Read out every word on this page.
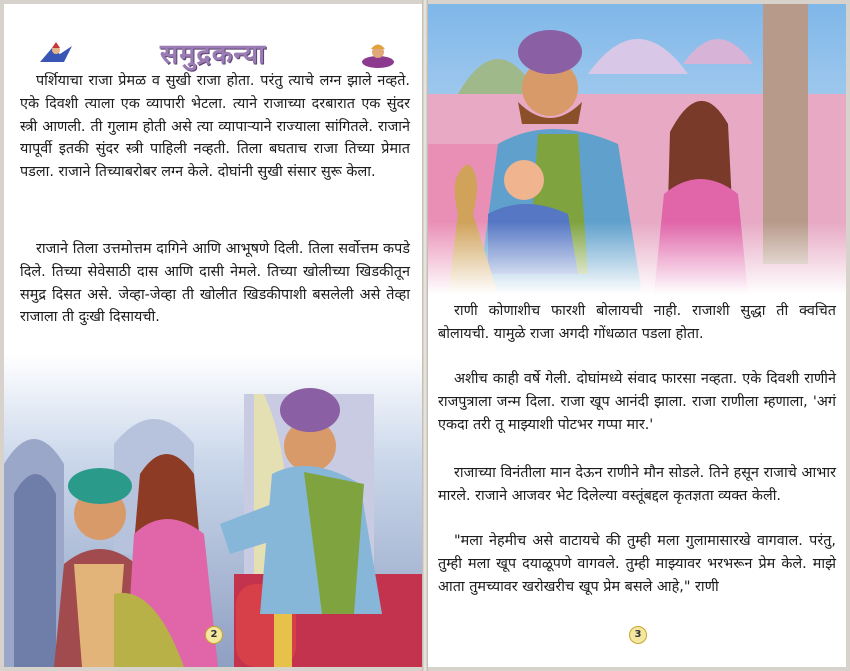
समुद्रकन्या

पर्शियाचा राजा प्रेमळ व सुखी राजा होता. परंतु त्याचे लग्न झाले नव्हते. एके दिवशी त्याला एक व्यापारी भेटला. त्याने राजाच्या दरबारात एक सुंदर स्त्री आणली. ती गुलाम होती असे त्या व्यापाऱ्याने राज्याला सांगितले. राजाने यापूर्वी इतकी सुंदर स्त्री पाहिली नव्हती. तिला बघताच राजा तिच्या प्रेमात पडला. राजाने तिच्याबरोबर लग्न केले. दोघांनी सुखी संसार सुरू केला.

राजाने तिला उत्तमोत्तम दागिने आणि आभूषणे दिली. तिला सर्वोत्तम कपडे दिले. तिच्या सेवेसाठी दास आणि दासी नेमले. तिच्या खोलीच्या खिडकीतून समुद्र दिसत असे. जेव्हा-जेव्हा ती खोलीत खिडकीपाशी बसलेली असे तेव्हा राजाला ती दुःखी दिसायची.

2

राणी कोणाशीच फारशी बोलायची नाही. राजाशी सुद्धा ती क्वचित बोलायची. यामुळे राजा अगदी गोंधळात पडला होता.

अशीच काही वर्षे गेली. दोघांमध्ये संवाद फारसा नव्हता. एके दिवशी राणीने राजपुत्राला जन्म दिला. राजा खूप आनंदी झाला. राजा राणीला म्हणाला, 'अगं एकदा तरी तू माझ्याशी पोटभर गप्पा मार.'

राजाच्या विनंतीला मान देऊन राणीने मौन सोडले. तिने हसून राजाचे आभार मारले. राजाने आजवर भेट दिलेल्या वस्तूंबद्दल कृतज्ञता व्यक्त केली.

"मला नेहमीच असे वाटायचे की तुम्ही मला गुलामासारखे वागवाल. परंतु, तुम्ही मला खूप दयाळूपणे वागवले. तुम्ही माझ्यावर भरभरून प्रेम केले. माझे आता तुमच्यावर खरोखरीच खूप प्रेम बसले आहे," राणी

3
